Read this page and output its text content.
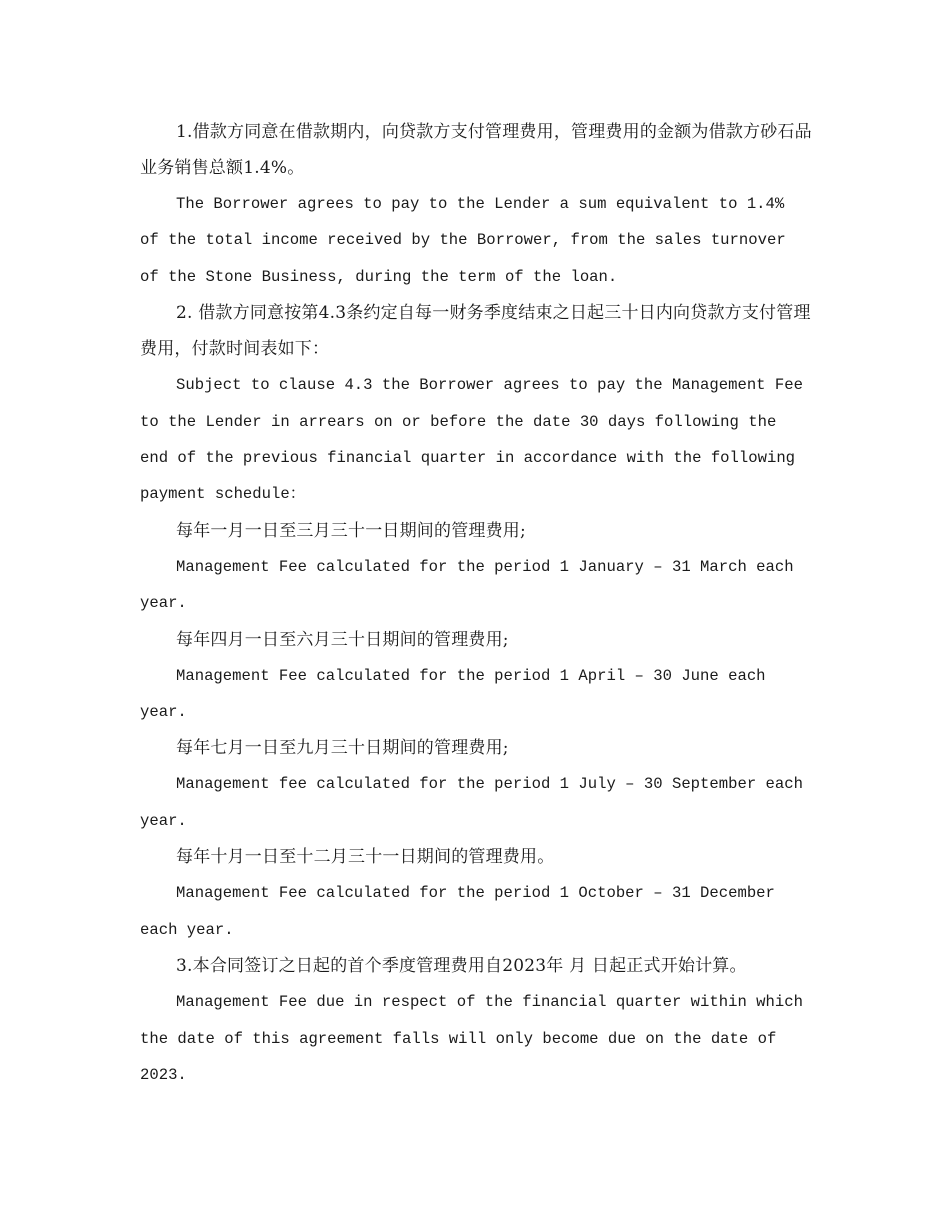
1.借款方同意在借款期内，向贷款方支付管理费用，管理费用的金额为借款方砂石品业务销售总额1.4%。

The Borrower agrees to pay to the Lender a sum equivalent to 1.4% of the total income received by the Borrower, from the sales turnover of the Stone Business, during the term of the loan.

2. 借款方同意按第4.3条约定自每一财务季度结束之日起三十日内向贷款方支付管理费用，付款时间表如下：

Subject to clause 4.3 the Borrower agrees to pay the Management Fee to the Lender in arrears on or before the date 30 days following the end of the previous financial quarter in accordance with the following payment schedule：

每年一月一日至三月三十一日期间的管理费用;

Management Fee calculated for the period 1 January – 31 March each year.

每年四月一日至六月三十日期间的管理费用;

Management Fee calculated for the period 1 April – 30 June each year.

每年七月一日至九月三十日期间的管理费用;

Management fee calculated for the period 1 July – 30 September each year.

每年十月一日至十二月三十一日期间的管理费用。

Management Fee calculated for the period 1 October – 31 December each year.

3.本合同签订之日起的首个季度管理费用自2023年 月 日起正式开始计算。

Management Fee due in respect of the financial quarter within which the date of this agreement falls will only become due on the date of 2023.
